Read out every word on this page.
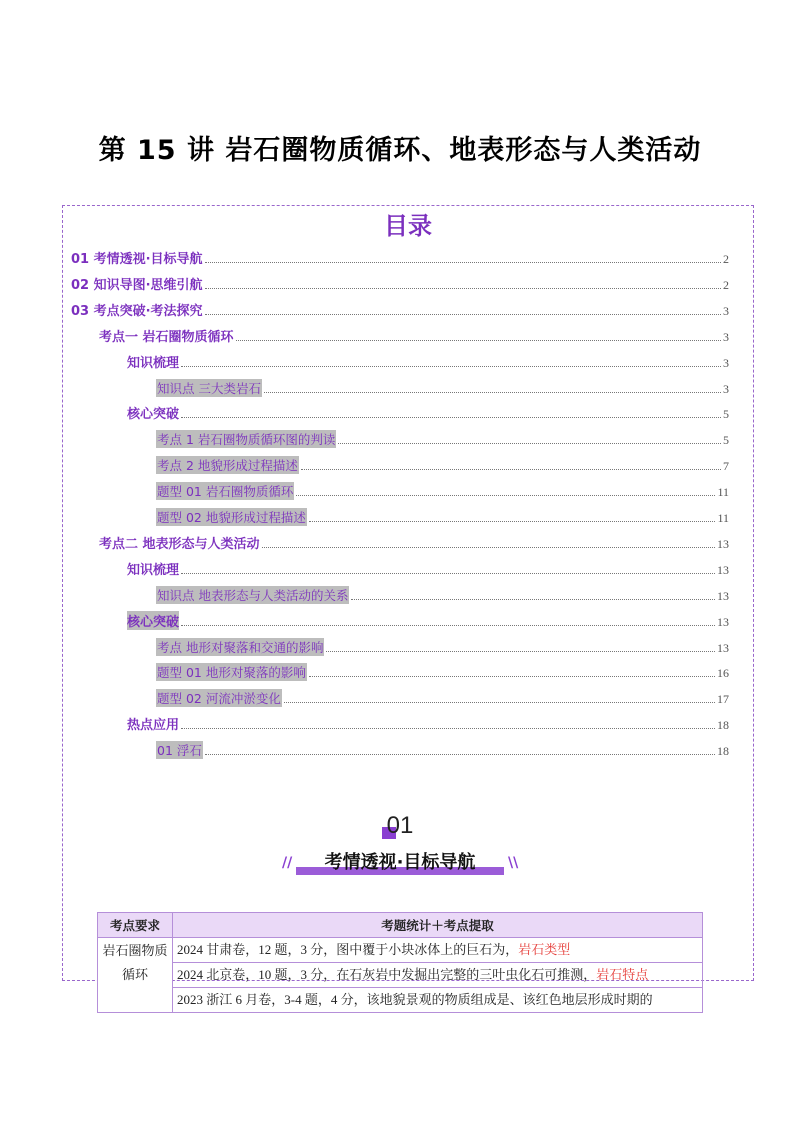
第 15 讲 岩石圈物质循环、地表形态与人类活动
目录
01 考情透视·目标导航	2
02 知识导图·思维引航	2
03 考点突破·考法探究	3
考点一 岩石圈物质循环	3
知识梳理	3
知识点 三大类岩石	3
核心突破	5
考点 1 岩石圈物质循环图的判读	5
考点 2 地貌形成过程描述	7
题型 01 岩石圈物质循环	11
题型 02 地貌形成过程描述	11
考点二 地表形态与人类活动	13
知识梳理	13
知识点 地表形态与人类活动的关系	13
核心突破	13
考点 地形对聚落和交通的影响	13
题型 01 地形对聚落的影响	16
题型 02 河流冲淤变化	17
热点应用	18
01 浮石	18
01
考情透视·目标导航
//	\\
考点要求	考题统计＋考点提取
岩石圈物质循环	2024 甘肃卷，12 题，3 分，图中覆于小块冰体上的巨石为，岩石类型
	2024 北京卷，10 题，3 分，在石灰岩中发掘出完整的三叶虫化石可推测，岩石特点
	2023 浙江 6 月卷，3-4 题，4 分，该地貌景观的物质组成是、该红色地层形成时期的
